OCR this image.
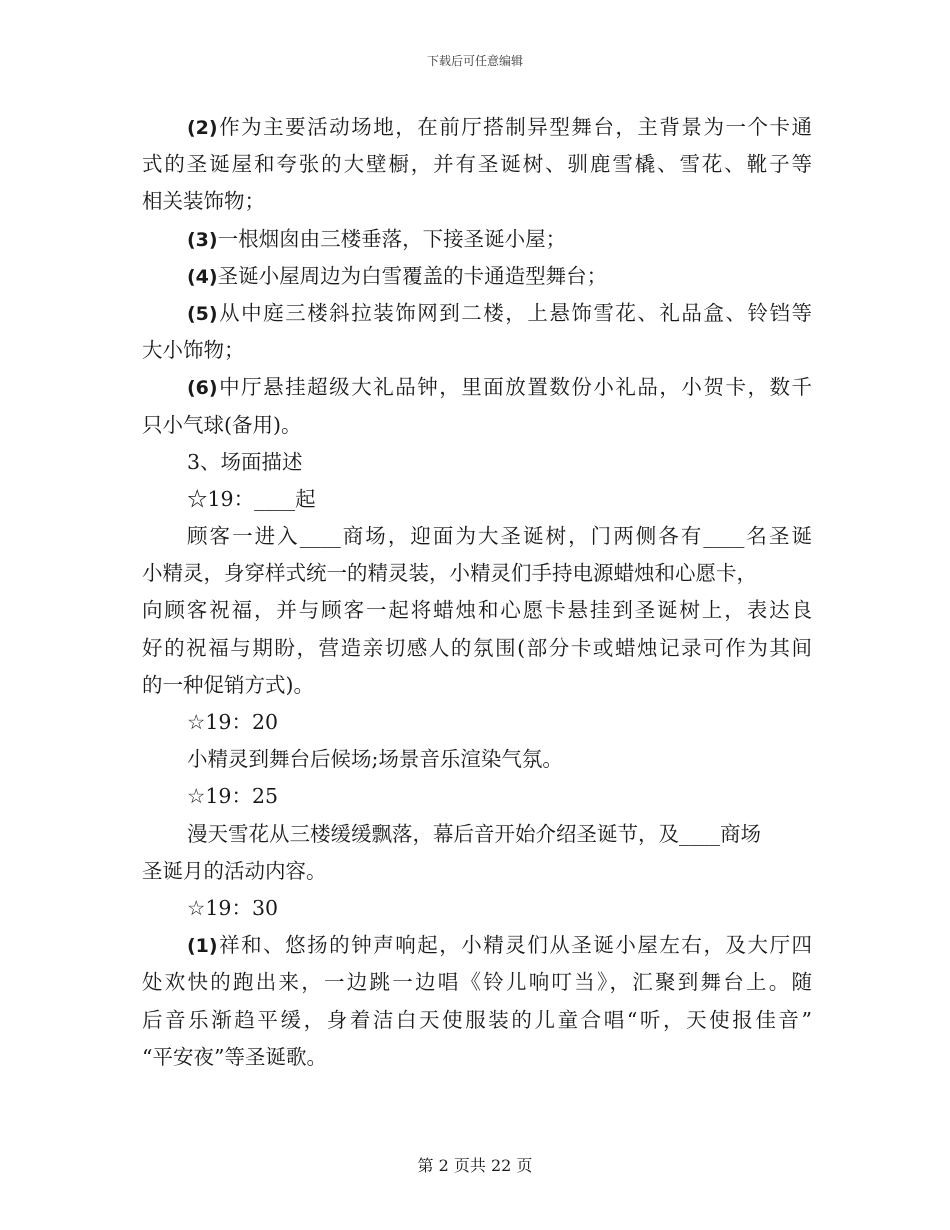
下载后可任意编辑
(2)作为主要活动场地，在前厅搭制异型舞台，主背景为一个卡通
式的圣诞屋和夸张的大壁橱，并有圣诞树、驯鹿雪橇、雪花、靴子等
相关装饰物；
(3)一根烟囱由三楼垂落，下接圣诞小屋；
(4)圣诞小屋周边为白雪覆盖的卡通造型舞台；
(5)从中庭三楼斜拉装饰网到二楼，上悬饰雪花、礼品盒、铃铛等
大小饰物；
(6)中厅悬挂超级大礼品钟，里面放置数份小礼品，小贺卡，数千
只小气球(备用)。
3、场面描述
☆19：____起
顾客一进入____商场，迎面为大圣诞树，门两侧各有____名圣诞
小精灵，身穿样式统一的精灵装，小精灵们手持电源蜡烛和心愿卡，
向顾客祝福，并与顾客一起将蜡烛和心愿卡悬挂到圣诞树上，表达良
好的祝福与期盼，营造亲切感人的氛围(部分卡或蜡烛记录可作为其间
的一种促销方式)。
☆19：20
小精灵到舞台后候场;场景音乐渲染气氛。
☆19：25
漫天雪花从三楼缓缓飘落，幕后音开始介绍圣诞节，及____商场
圣诞月的活动内容。
☆19：30
(1)祥和、悠扬的钟声响起，小精灵们从圣诞小屋左右，及大厅四
处欢快的跑出来，一边跳一边唱《铃儿响叮当》，汇聚到舞台上。随
后音乐渐趋平缓，身着洁白天使服装的儿童合唱“听，天使报佳音”
“平安夜”等圣诞歌。
第 2 页共 22 页
